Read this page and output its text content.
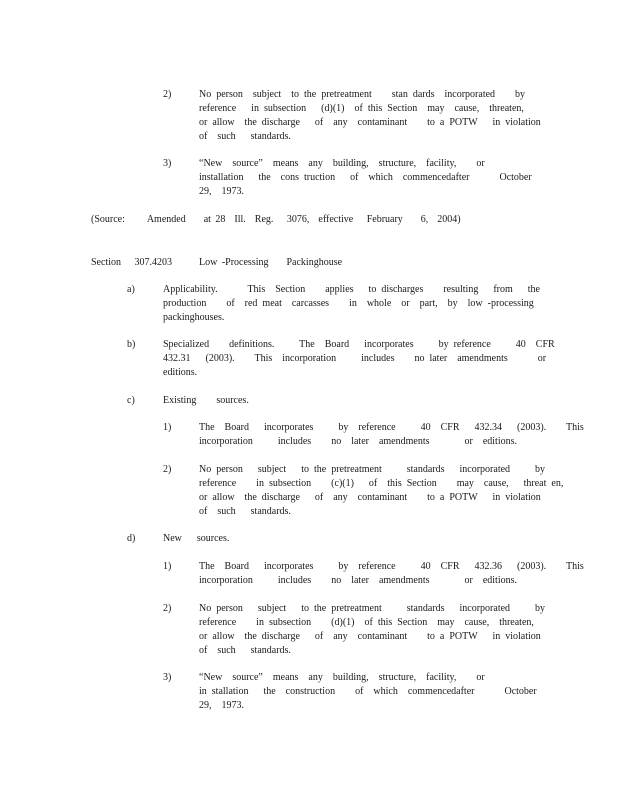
2)	No person  subject  to the pretreatment    stan dards  incorporated    by
reference   in subsection   (d)(1)  of this Section  may  cause,  threaten,
or allow  the discharge   of  any  contaminant    to a POTW   in violation
of  such   standards.
3)	“New  source”  means  any  building,  structure,  facility,    or
installation   the  cons truction   of  which  commencedafter      October
29,  1973.
(Source:     Amended    at 28  Ill.  Reg.   3076,  effective   February    6,  2004)
Section   307.4203	Low -Processing    Packinghouse
a)	Applicability.      This  Section    applies   to discharges    resulting   from   the
production    of  red meat  carcasses    in  whole  or  part,  by  low -processing
packinghouses.
b)	Specialized    definitions.     The  Board   incorporates     by reference     40  CFR
432.31   (2003).    This  incorporation     includes    no later  amendments      or
editions.
c)	Existing    sources.
1)	The  Board   incorporates     by  reference     40  CFR   432.34   (2003).    This
incorporation     includes    no  later  amendments       or  editions.
2)	No person   subject   to the pretreatment     standards   incorporated     by
reference    in subsection    (c)(1)   of  this Section    may  cause,   threat en,
or allow  the discharge   of  any  contaminant    to a POTW   in violation
of  such   standards.
d)	New   sources.
1)	The  Board   incorporates     by  reference     40  CFR   432.36   (2003).    This
incorporation     includes    no  later  amendments       or  editions.
2)	No person   subject   to the pretreatment     standards   incorporated     by
reference    in subsection    (d)(1)  of this Section  may  cause,  threaten,
or allow  the discharge   of  any  contaminant    to a POTW   in violation
of  such   standards.
3)	“New  source”  means  any  building,  structure,  facility,    or
in stallation   the  construction    of  which  commencedafter      October
29,  1973.
